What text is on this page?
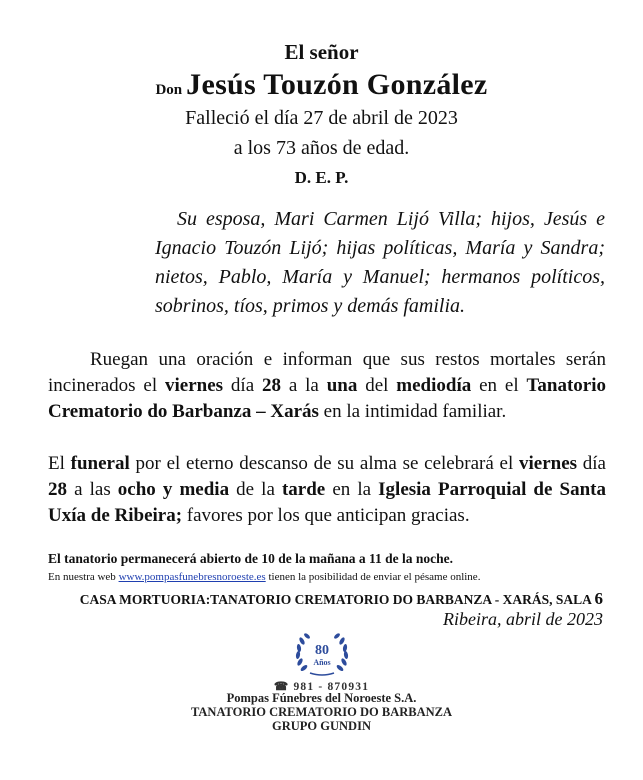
El señor
Don Jesús Touzón González
Falleció el día 27 de abril de 2023
a los 73 años de edad.
D. E. P.
Su esposa, Mari Carmen Lijó Villa; hijos, Jesús e Ignacio Touzón Lijó; hijas políticas, María y Sandra; nietos, Pablo, María y Manuel; hermanos políticos, sobrinos, tíos, primos y demás familia.
Ruegan una oración e informan que sus restos mortales serán incinerados el viernes día 28 a la una del mediodía en el Tanatorio Crematorio do Barbanza – Xarás en la intimidad familiar.
El funeral por el eterno descanso de su alma se celebrará el viernes día 28 a las ocho y media de la tarde en la Iglesia Parroquial de Santa Uxía de Ribeira; favores por los que anticipan gracias.
El tanatorio permanecerá abierto de 10 de la mañana a 11 de la noche.
En nuestra web www.pompasfunebresnoroeste.es tienen la posibilidad de enviar el pésame online.
CASA MORTUORIA:TANATORIO CREMATORIO DO BARBANZA - XARÁS, SALA 6
Ribeira, abril de 2023
80
Años
☎ 981 - 870931
Pompas Fúnebres del Noroeste S.A.
TANATORIO CREMATORIO DO BARBANZA
GRUPO GUNDIN
